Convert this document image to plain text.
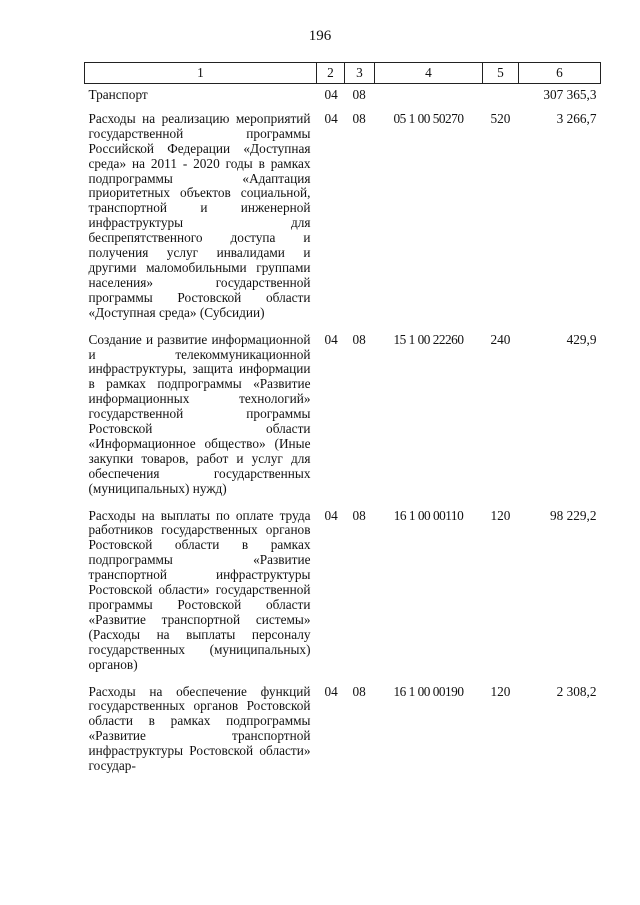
196
1	2	3	4	5	6
Транспорт	04	08			307 365,3
Расходы на реализацию мероприятий государственной программы Российской Федерации «Доступная среда» на 2011 - 2020 годы в рамках подпрограммы «Адаптация приоритетных объектов социальной, транспортной и инженерной инфраструктуры для беспрепятственного доступа и получения услуг инвалидами и другими маломобильными группами населения» государственной программы Ростовской области «Доступная среда» (Субсидии)	04	08	05 1 00 50270	520	3 266,7
Создание и развитие информационной и телекоммуникационной инфраструктуры, защита информации в рамках подпрограммы «Развитие информационных технологий» государственной программы Ростовской области «Информационное общество» (Иные закупки товаров, работ и услуг для обеспечения государственных (муниципальных) нужд)	04	08	15 1 00 22260	240	429,9
Расходы на выплаты по оплате труда работников государственных органов Ростовской области в рамках подпрограммы «Развитие транспортной инфраструктуры Ростовской области» государственной программы Ростовской области «Развитие транспортной системы» (Расходы на выплаты персоналу государственных (муниципальных) органов)	04	08	16 1 00 00110	120	98 229,2
Расходы на обеспечение функций государственных органов Ростовской области в рамках подпрограммы «Развитие транспортной инфраструктуры Ростовской области» государ-	04	08	16 1 00 00190	120	2 308,2
